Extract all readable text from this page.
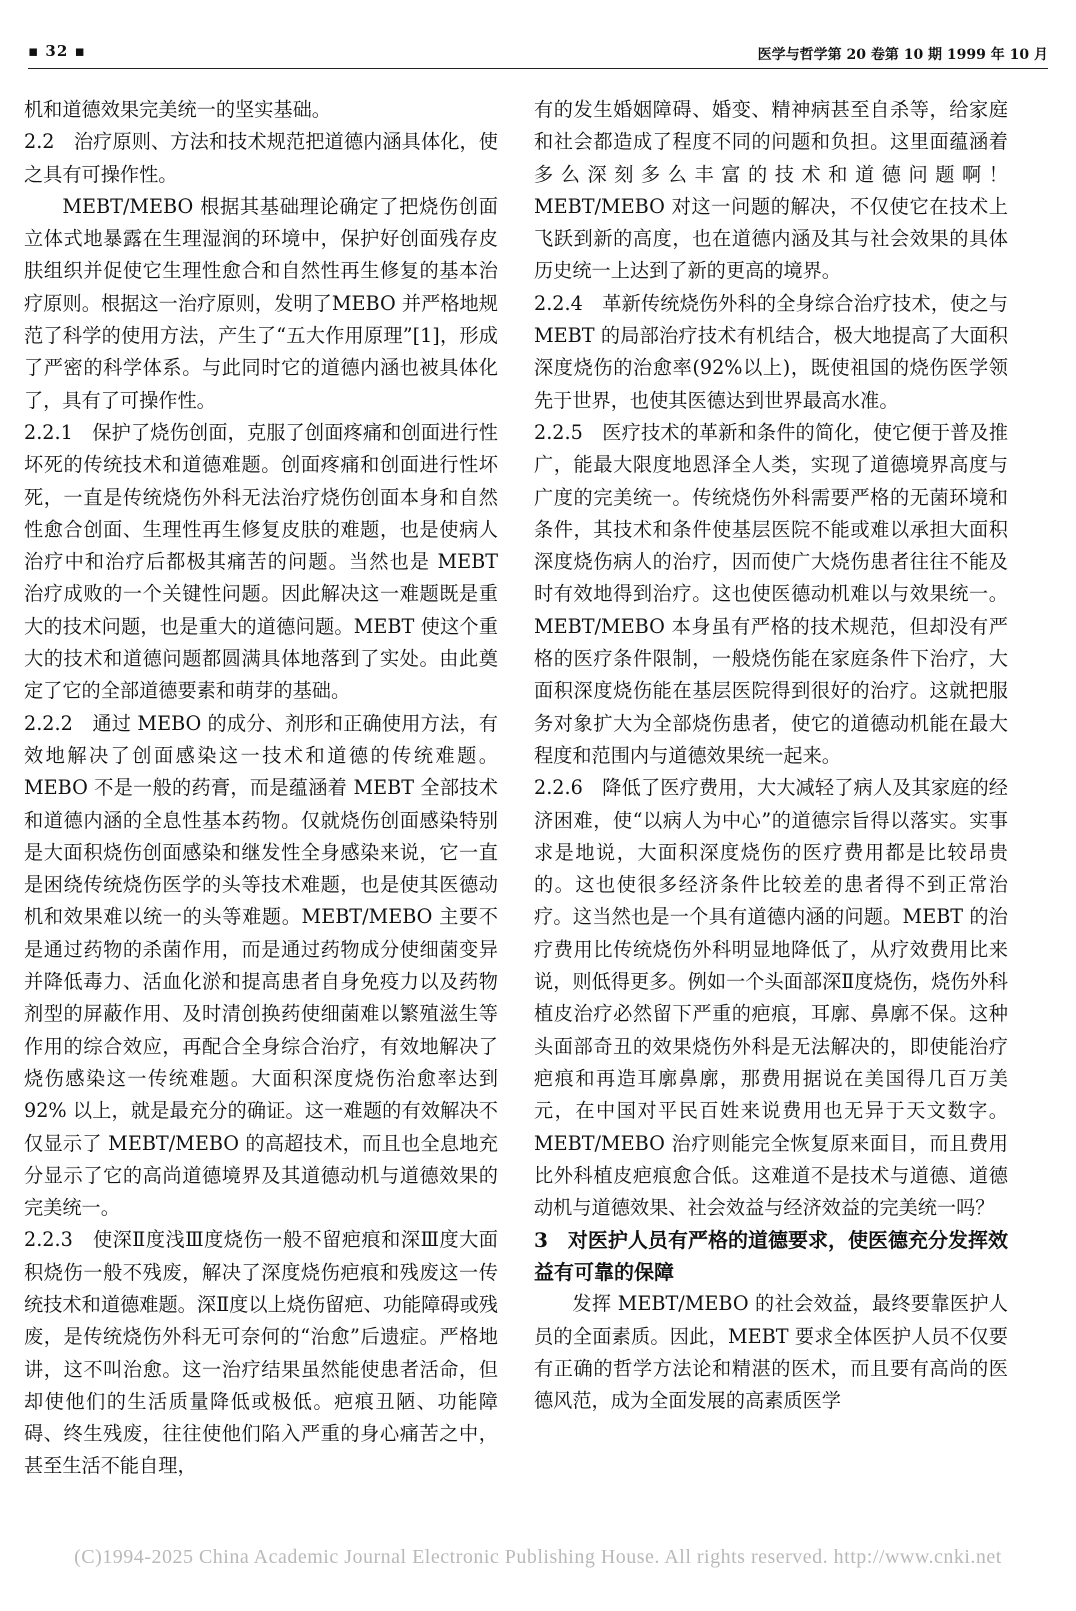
▪ 32 ▪	医学与哲学第 20 卷第 10 期 1999 年 10 月

机和道德效果完美统一的坚实基础。

2.2　治疗原则、方法和技术规范把道德内涵具体化，使之具有可操作性。

MEBT/MEBO 根据其基础理论确定了把烧伤创面立体式地暴露在生理湿润的环境中，保护好创面残存皮肤组织并促使它生理性愈合和自然性再生修复的基本治疗原则。根据这一治疗原则，发明了MEBO 并严格地规范了科学的使用方法，产生了“五大作用原理”[1]，形成了严密的科学体系。与此同时它的道德内涵也被具体化了，具有了可操作性。

2.2.1　保护了烧伤创面，克服了创面疼痛和创面进行性坏死的传统技术和道德难题。创面疼痛和创面进行性坏死，一直是传统烧伤外科无法治疗烧伤创面本身和自然性愈合创面、生理性再生修复皮肤的难题，也是使病人治疗中和治疗后都极其痛苦的问题。当然也是 MEBT 治疗成败的一个关键性问题。因此解决这一难题既是重大的技术问题，也是重大的道德问题。MEBT 使这个重大的技术和道德问题都圆满具体地落到了实处。由此奠定了它的全部道德要素和萌芽的基础。

2.2.2　通过 MEBO 的成分、剂形和正确使用方法，有效地解决了创面感染这一技术和道德的传统难题。MEBO 不是一般的药膏，而是蕴涵着 MEBT 全部技术和道德内涵的全息性基本药物。仅就烧伤创面感染特别是大面积烧伤创面感染和继发性全身感染来说，它一直是困绕传统烧伤医学的头等技术难题，也是使其医德动机和效果难以统一的头等难题。MEBT/MEBO 主要不是通过药物的杀菌作用，而是通过药物成分使细菌变异并降低毒力、活血化淤和提高患者自身免疫力以及药物剂型的屏蔽作用、及时清创换药使细菌难以繁殖滋生等作用的综合效应，再配合全身综合治疗，有效地解决了烧伤感染这一传统难题。大面积深度烧伤治愈率达到 92% 以上，就是最充分的确证。这一难题的有效解决不仅显示了 MEBT/MEBO 的高超技术，而且也全息地充分显示了它的高尚道德境界及其道德动机与道德效果的完美统一。

2.2.3　使深Ⅱ度浅Ⅲ度烧伤一般不留疤痕和深Ⅲ度大面积烧伤一般不残废，解决了深度烧伤疤痕和残废这一传统技术和道德难题。深Ⅱ度以上烧伤留疤、功能障碍或残废，是传统烧伤外科无可奈何的“治愈”后遗症。严格地讲，这不叫治愈。这一治疗结果虽然能使患者活命，但却使他们的生活质量降低或极低。疤痕丑陋、功能障碍、终生残废，往往使他们陷入严重的身心痛苦之中，甚至生活不能自理，

有的发生婚姻障碍、婚变、精神病甚至自杀等，给家庭和社会都造成了程度不同的问题和负担。这里面蕴涵着多么深刻多么丰富的技术和道德问题啊！MEBT/MEBO 对这一问题的解决，不仅使它在技术上飞跃到新的高度，也在道德内涵及其与社会效果的具体历史统一上达到了新的更高的境界。

2.2.4　革新传统烧伤外科的全身综合治疗技术，使之与 MEBT 的局部治疗技术有机结合，极大地提高了大面积深度烧伤的治愈率(92%以上)，既使祖国的烧伤医学领先于世界，也使其医德达到世界最高水准。

2.2.5　医疗技术的革新和条件的简化，使它便于普及推广，能最大限度地恩泽全人类，实现了道德境界高度与广度的完美统一。传统烧伤外科需要严格的无菌环境和条件，其技术和条件使基层医院不能或难以承担大面积深度烧伤病人的治疗，因而使广大烧伤患者往往不能及时有效地得到治疗。这也使医德动机难以与效果统一。MEBT/MEBO 本身虽有严格的技术规范，但却没有严格的医疗条件限制，一般烧伤能在家庭条件下治疗，大面积深度烧伤能在基层医院得到很好的治疗。这就把服务对象扩大为全部烧伤患者，使它的道德动机能在最大程度和范围内与道德效果统一起来。

2.2.6　降低了医疗费用，大大减轻了病人及其家庭的经济困难，使“以病人为中心”的道德宗旨得以落实。实事求是地说，大面积深度烧伤的医疗费用都是比较昂贵的。这也使很多经济条件比较差的患者得不到正常治疗。这当然也是一个具有道德内涵的问题。MEBT 的治疗费用比传统烧伤外科明显地降低了，从疗效费用比来说，则低得更多。例如一个头面部深Ⅱ度烧伤，烧伤外科植皮治疗必然留下严重的疤痕，耳廓、鼻廓不保。这种头面部奇丑的效果烧伤外科是无法解决的，即使能治疗疤痕和再造耳廓鼻廓，那费用据说在美国得几百万美元，在中国对平民百姓来说费用也无异于天文数字。MEBT/MEBO 治疗则能完全恢复原来面目，而且费用比外科植皮疤痕愈合低。这难道不是技术与道德、道德动机与道德效果、社会效益与经济效益的完美统一吗？

3　对医护人员有严格的道德要求，使医德充分发挥效益有可靠的保障

发挥 MEBT/MEBO 的社会效益，最终要靠医护人员的全面素质。因此，MEBT 要求全体医护人员不仅要有正确的哲学方法论和精湛的医术，而且要有高尚的医德风范，成为全面发展的高素质医学

(C)1994-2025 China Academic Journal Electronic Publishing House. All rights reserved. http://www.cnki.net
